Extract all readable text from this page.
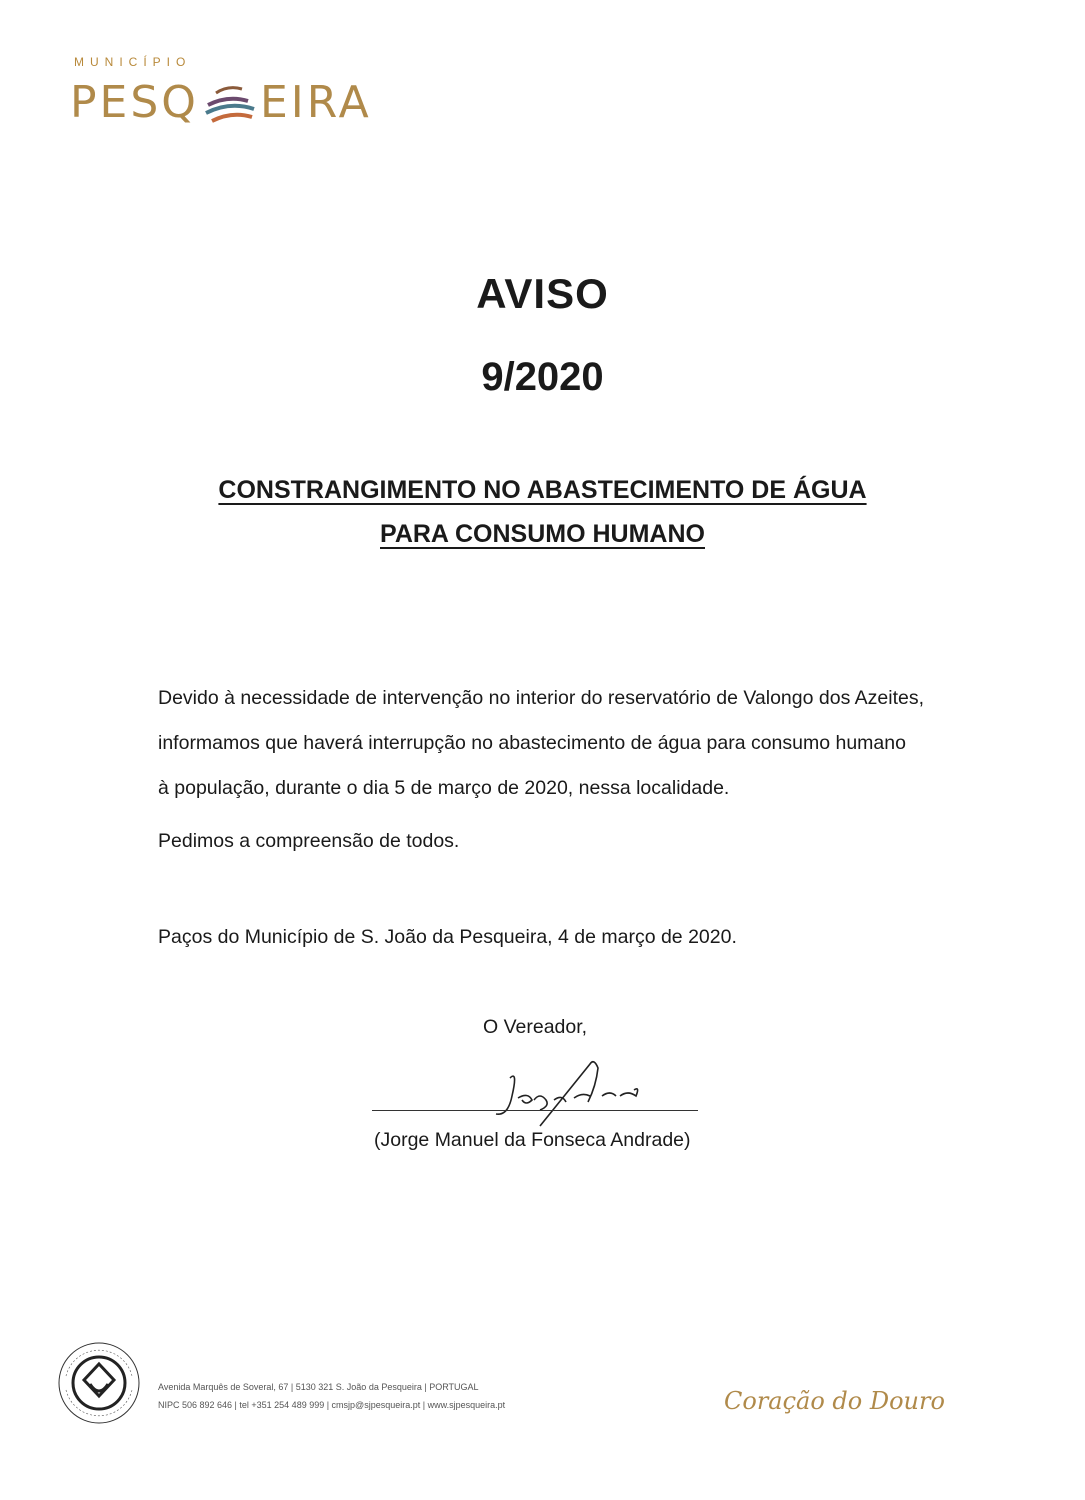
MUNICÍPIO
PESQ EIRA
AVISO
9/2020
CONSTRANGIMENTO NO ABASTECIMENTO DE ÁGUA
PARA CONSUMO HUMANO

Devido à necessidade de intervenção no interior do reservatório de Valongo dos Azeites,

informamos que haverá interrupção no abastecimento de água para consumo humano

à população, durante o dia 5 de março de 2020, nessa localidade.

Pedimos a compreensão de todos.

Paços do Município de S. João da Pesqueira, 4 de março de 2020.
O Vereador,
(Jorge Manuel da Fonseca Andrade)

Avenida Marquês de Soveral, 67 | 5130 321 S. João da Pesqueira | PORTUGAL

NIPC 506 892 646 | tel +351 254 489 999 | cmsjp@sjpesqueira.pt | www.sjpesqueira.pt	Coração do Douro
